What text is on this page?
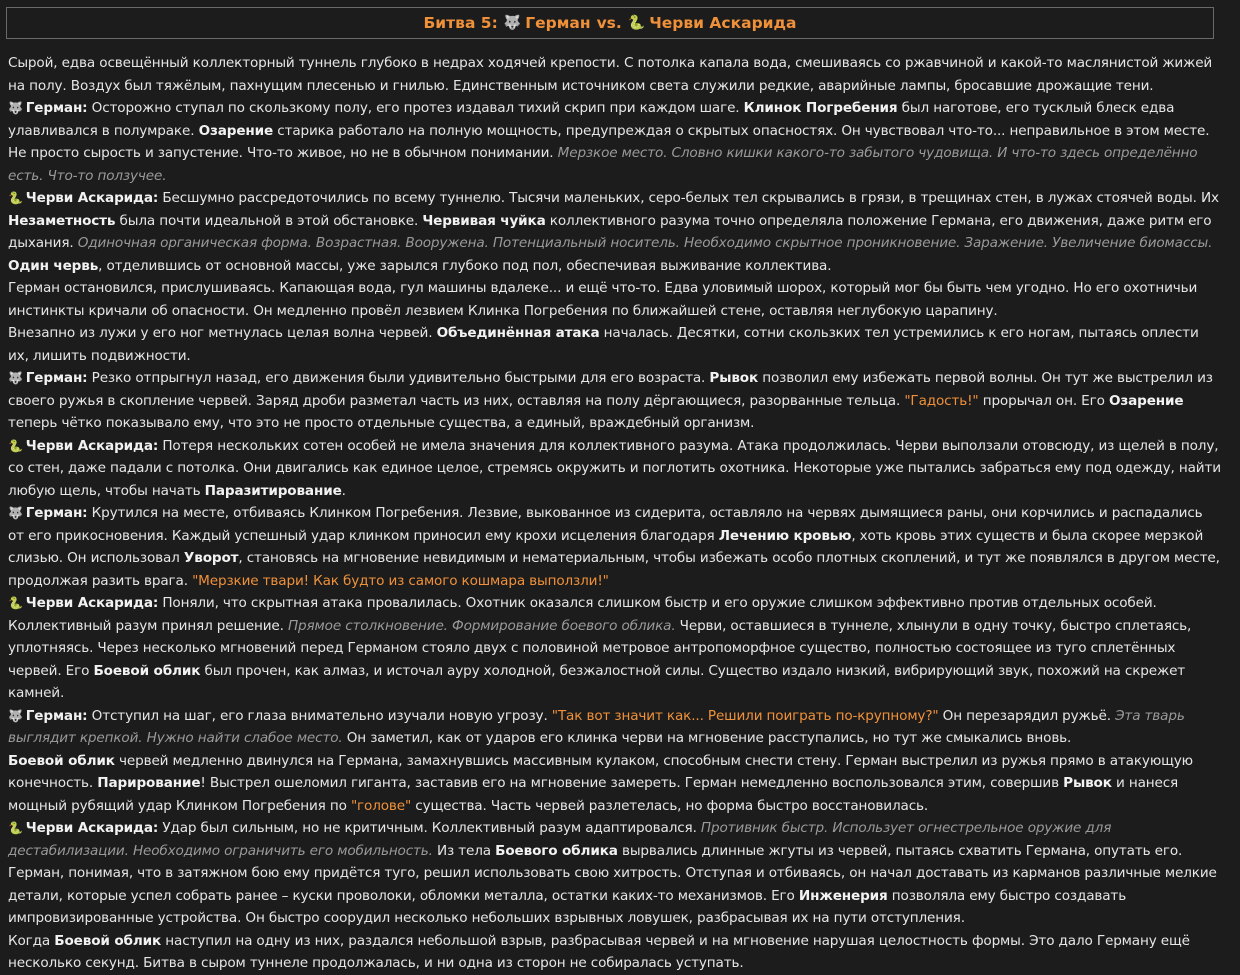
Битва 5: 🐺 Герман vs. 🐍 Черви Аскарида
Сырой, едва освещённый коллекторный туннель глубоко в недрах ходячей крепости. С потолка капала вода, смешиваясь со ржавчиной и какой-то маслянистой жижей на полу. Воздух был тяжёлым, пахнущим плесенью и гнилью. Единственным источником света служили редкие, аварийные лампы, бросавшие дрожащие тени.
🐺 Герман: Осторожно ступал по скользкому полу, его протез издавал тихий скрип при каждом шаге. Клинок Погребения был наготове, его тусклый блеск едва улавливался в полумраке. Озарение старика работало на полную мощность, предупреждая о скрытых опасностях. Он чувствовал что-то... неправильное в этом месте. Не просто сырость и запустение. Что-то живое, но не в обычном понимании. Мерзкое место. Словно кишки какого-то забытого чудовища. И что-то здесь определённо есть. Что-то ползучее.
🐍 Черви Аскарида: Бесшумно рассредоточились по всему туннелю. Тысячи маленьких, серо-белых тел скрывались в грязи, в трещинах стен, в лужах стоячей воды. Их Незаметность была почти идеальной в этой обстановке. Червивая чуйка коллективного разума точно определяла положение Германа, его движения, даже ритм его дыхания. Одиночная органическая форма. Возрастная. Вооружена. Потенциальный носитель. Необходимо скрытное проникновение. Заражение. Увеличение биомассы. Один червь, отделившись от основной массы, уже зарылся глубоко под пол, обеспечивая выживание коллектива.
Герман остановился, прислушиваясь. Капающая вода, гул машины вдалеке... и ещё что-то. Едва уловимый шорох, который мог бы быть чем угодно. Но его охотничьи инстинкты кричали об опасности. Он медленно провёл лезвием Клинка Погребения по ближайшей стене, оставляя неглубокую царапину.
Внезапно из лужи у его ног метнулась целая волна червей. Объединённая атака началась. Десятки, сотни скользких тел устремились к его ногам, пытаясь оплести их, лишить подвижности.
🐺 Герман: Резко отпрыгнул назад, его движения были удивительно быстрыми для его возраста. Рывок позволил ему избежать первой волны. Он тут же выстрелил из своего ружья в скопление червей. Заряд дроби разметал часть из них, оставляя на полу дёргающиеся, разорванные тельца. "Гадость!" прорычал он. Его Озарение теперь чётко показывало ему, что это не просто отдельные существа, а единый, враждебный организм.
🐍 Черви Аскарида: Потеря нескольких сотен особей не имела значения для коллективного разума. Атака продолжилась. Черви выползали отовсюду, из щелей в полу, со стен, даже падали с потолка. Они двигались как единое целое, стремясь окружить и поглотить охотника. Некоторые уже пытались забраться ему под одежду, найти любую щель, чтобы начать Паразитирование.
🐺 Герман: Крутился на месте, отбиваясь Клинком Погребения. Лезвие, выкованное из сидерита, оставляло на червях дымящиеся раны, они корчились и распадались от его прикосновения. Каждый успешный удар клинком приносил ему крохи исцеления благодаря Лечению кровью, хоть кровь этих существ и была скорее мерзкой слизью. Он использовал Уворот, становясь на мгновение невидимым и нематериальным, чтобы избежать особо плотных скоплений, и тут же появлялся в другом месте, продолжая разить врага. "Мерзкие твари! Как будто из самого кошмара выползли!"
🐍 Черви Аскарида: Поняли, что скрытная атака провалилась. Охотник оказался слишком быстр и его оружие слишком эффективно против отдельных особей. Коллективный разум принял решение. Прямое столкновение. Формирование боевого облика. Черви, оставшиеся в туннеле, хлынули в одну точку, быстро сплетаясь, уплотняясь. Через несколько мгновений перед Германом стояло двух с половиной метровое антропоморфное существо, полностью состоящее из туго сплетённых червей. Его Боевой облик был прочен, как алмаз, и источал ауру холодной, безжалостной силы. Существо издало низкий, вибрирующий звук, похожий на скрежет камней.
🐺 Герман: Отступил на шаг, его глаза внимательно изучали новую угрозу. "Так вот значит как... Решили поиграть по-крупному?" Он перезарядил ружьё. Эта тварь выглядит крепкой. Нужно найти слабое место. Он заметил, как от ударов его клинка черви на мгновение расступались, но тут же смыкались вновь.
Боевой облик червей медленно двинулся на Германа, замахнувшись массивным кулаком, способным снести стену. Герман выстрелил из ружья прямо в атакующую конечность. Парирование! Выстрел ошеломил гиганта, заставив его на мгновение замереть. Герман немедленно воспользовался этим, совершив Рывок и нанеся мощный рубящий удар Клинком Погребения по "голове" существа. Часть червей разлетелась, но форма быстро восстановилась.
🐍 Черви Аскарида: Удар был сильным, но не критичным. Коллективный разум адаптировался. Противник быстр. Использует огнестрельное оружие для дестабилизации. Необходимо ограничить его мобильность. Из тела Боевого облика вырвались длинные жгуты из червей, пытаясь схватить Германа, опутать его.
Герман, понимая, что в затяжном бою ему придётся туго, решил использовать свою хитрость. Отступая и отбиваясь, он начал доставать из карманов различные мелкие детали, которые успел собрать ранее – куски проволоки, обломки металла, остатки каких-то механизмов. Его Инженерия позволяла ему быстро создавать импровизированные устройства. Он быстро соорудил несколько небольших взрывных ловушек, разбрасывая их на пути отступления.
Когда Боевой облик наступил на одну из них, раздался небольшой взрыв, разбрасывая червей и на мгновение нарушая целостность формы. Это дало Герману ещё несколько секунд. Битва в сыром туннеле продолжалась, и ни одна из сторон не собиралась уступать.
